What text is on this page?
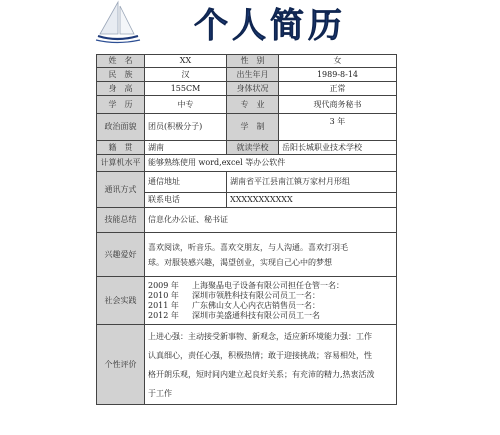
个人简历
姓　名	XX	性　别	女
民　族	汉	出生年月	1989-8-14
身　高	155CM	身体状况	正常
学　历	中专	专　业	现代商务秘书
政治面貌	团员(积极分子)	学　制	3 年
籍　贯	湖南	就读学校	岳阳长城职业技术学校
计算机水平	能够熟练使用 word,excel 等办公软件		
通讯方式	通信地址	湖南省平江县南江镇万家村月形组	
	联系电话	XXXXXXXXXXX	
技能总结	信息化办公证、秘书证		
兴趣爱好	喜欢阅读，听音乐。喜欢交朋友，与人沟通。喜欢打羽毛
球。对服装感兴趣，渴望创业，实现自己心中的梦想		

社会实践	2009 年 上海聚晶电子设备有限公司担任仓管一名：
2010 年 深圳市领胜科技有限公司员工一名：
2011 年 广东佛山女人心内衣店销售员一名：
2012 年 深圳市美盛通科技有限公司员工一名		

个性评价	上进心强：主动接受新事物、新观念，适应新环境能力强：工作
认真细心，责任心强，积极热情；敢于迎接挑战；容易相处，性
格开朗乐观，短时间内建立起良好关系；有充沛的精力,热衷活泼
于工作		
